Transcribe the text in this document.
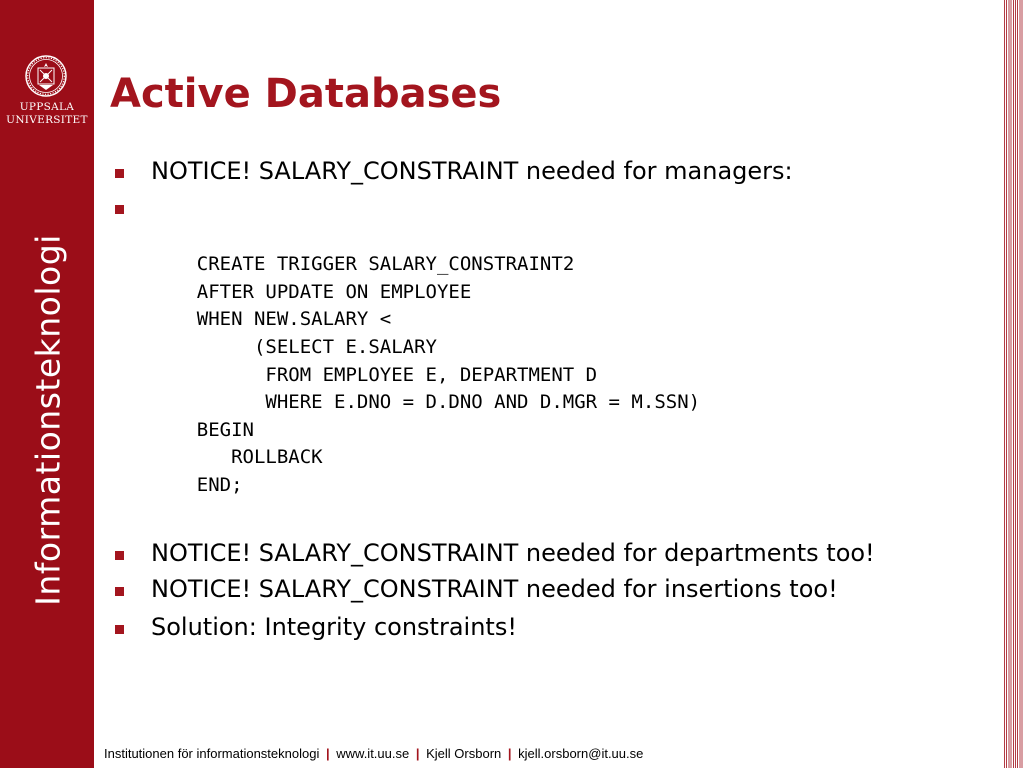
UPPSALA
UNIVERSITET
Informationsteknologi
Active Databases
NOTICE! SALARY_CONSTRAINT needed for managers:

CREATE TRIGGER SALARY_CONSTRAINT2
AFTER UPDATE ON EMPLOYEE
WHEN NEW.SALARY <
(SELECT E.SALARY
FROM EMPLOYEE E, DEPARTMENT D
WHERE E.DNO = D.DNO AND D.MGR = M.SSN)
BEGIN
ROLLBACK
END;

NOTICE! SALARY_CONSTRAINT needed for departments too!
NOTICE! SALARY_CONSTRAINT needed for insertions too!
Solution: Integrity constraints!
Institutionen för informationsteknologi | www.it.uu.se | Kjell Orsborn | kjell.orsborn@it.uu.se
